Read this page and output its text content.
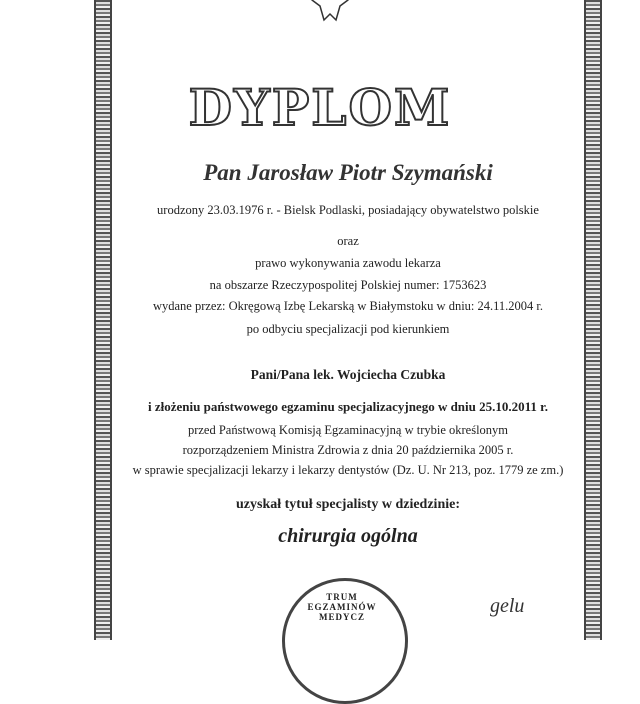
DYPLOM
Pan Jarosław Piotr Szymański
urodzony 23.03.1976 r. - Bielsk Podlaski, posiadający obywatelstwo polskie
oraz
prawo wykonywania zawodu lekarza
na obszarze Rzeczypospolitej Polskiej numer: 1753623
wydane przez: Okręgową Izbę Lekarską w Białymstoku w dniu: 24.11.2004 r.
po odbyciu specjalizacji pod kierunkiem
Pani/Pana lek. Wojciecha Czubka
i złożeniu państwowego egzaminu specjalizacyjnego w dniu 25.10.2011 r.
przed Państwową Komisją Egzaminacyjną w trybie określonym
rozporządzeniem Ministra Zdrowia z dnia 20 października 2005 r.
w sprawie specjalizacji lekarzy i lekarzy dentystów (Dz. U. Nr 213, poz. 1779 ze zm.)
uzyskał tytuł specjalisty w dziedzinie:
chirurgia ogólna
TRUM EGZAMINÓW MEDYCZ	gelu
